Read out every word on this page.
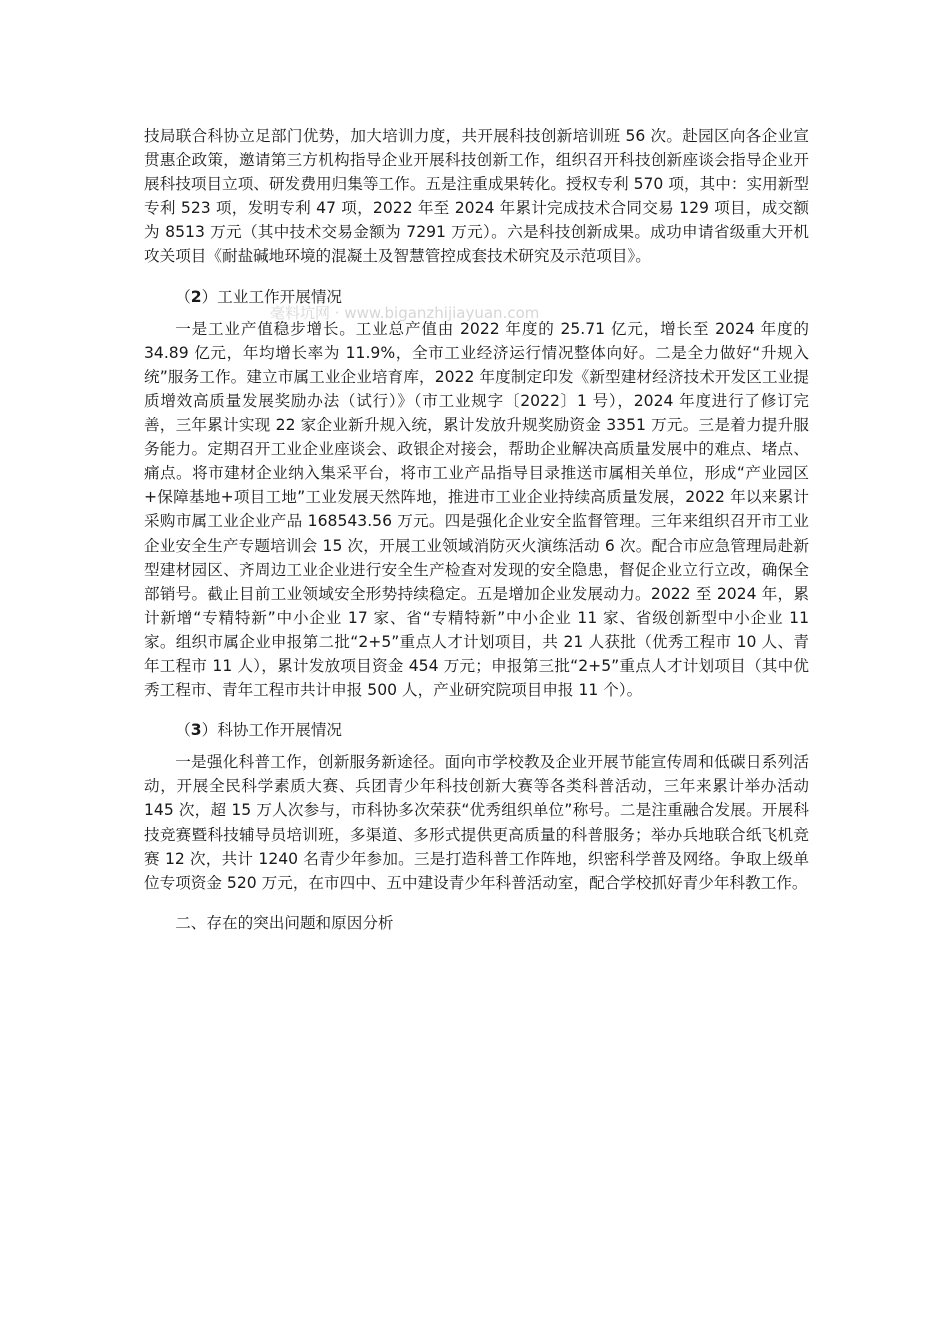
毫料坑网 · www.biganzhijiayuan.com

技局联合科协立足部门优势，加大培训力度，共开展科技创新培训班 56 次。赴园区向各企业宣贯惠企政策，邀请第三方机构指导企业开展科技创新工作，组织召开科技创新座谈会指导企业开展科技项目立项、研发费用归集等工作。五是注重成果转化。授权专利 570 项，其中：实用新型专利 523 项，发明专利 47 项，2022 年至 2024 年累计完成技术合同交易 129 项目，成交额为 8513 万元（其中技术交易金额为 7291 万元）。六是科技创新成果。成功申请省级重大开机攻关项目《耐盐碱地环境的混凝土及智慧管控成套技术研究及示范项目》。

（2）工业工作开展情况

一是工业产值稳步增长。工业总产值由 2022 年度的 25.71 亿元，增长至 2024 年度的 34.89 亿元，年均增长率为 11.9%，全市工业经济运行情况整体向好。二是全力做好“升规入统”服务工作。建立市属工业企业培育库，2022 年度制定印发《新型建材经济技术开发区工业提质增效高质量发展奖励办法（试行）》（市工业规字〔2022〕1 号），2024 年度进行了修订完善，三年累计实现 22 家企业新升规入统，累计发放升规奖励资金 3351 万元。三是着力提升服务能力。定期召开工业企业座谈会、政银企对接会，帮助企业解决高质量发展中的难点、堵点、痛点。将市建材企业纳入集采平台，将市工业产品指导目录推送市属相关单位，形成“产业园区+保障基地+项目工地”工业发展天然阵地，推进市工业企业持续高质量发展，2022 年以来累计采购市属工业企业产品 168543.56 万元。四是强化企业安全监督管理。三年来组织召开市工业企业安全生产专题培训会 15 次，开展工业领域消防灭火演练活动 6 次。配合市应急管理局赴新型建材园区、齐周边工业企业进行安全生产检查对发现的安全隐患，督促企业立行立改，确保全部销号。截止目前工业领域安全形势持续稳定。五是增加企业发展动力。2022 至 2024 年，累计新增“专精特新”中小企业 17 家、省“专精特新”中小企业 11 家、省级创新型中小企业 11 家。组织市属企业申报第二批“2+5”重点人才计划项目，共 21 人获批（优秀工程市 10 人、青年工程市 11 人），累计发放项目资金 454 万元；申报第三批“2+5”重点人才计划项目（其中优秀工程市、青年工程市共计申报 500 人，产业研究院项目申报 11 个）。

（3）科协工作开展情况

一是强化科普工作，创新服务新途径。面向市学校教及企业开展节能宣传周和低碳日系列活动，开展全民科学素质大赛、兵团青少年科技创新大赛等各类科普活动，三年来累计举办活动 145 次，超 15 万人次参与，市科协多次荣获“优秀组织单位”称号。二是注重融合发展。开展科技竞赛暨科技辅导员培训班，多渠道、多形式提供更高质量的科普服务；举办兵地联合纸飞机竞赛 12 次，共计 1240 名青少年参加。三是打造科普工作阵地，织密科学普及网络。争取上级单位专项资金 520 万元，在市四中、五中建设青少年科普活动室，配合学校抓好青少年科教工作。

二、存在的突出问题和原因分析
